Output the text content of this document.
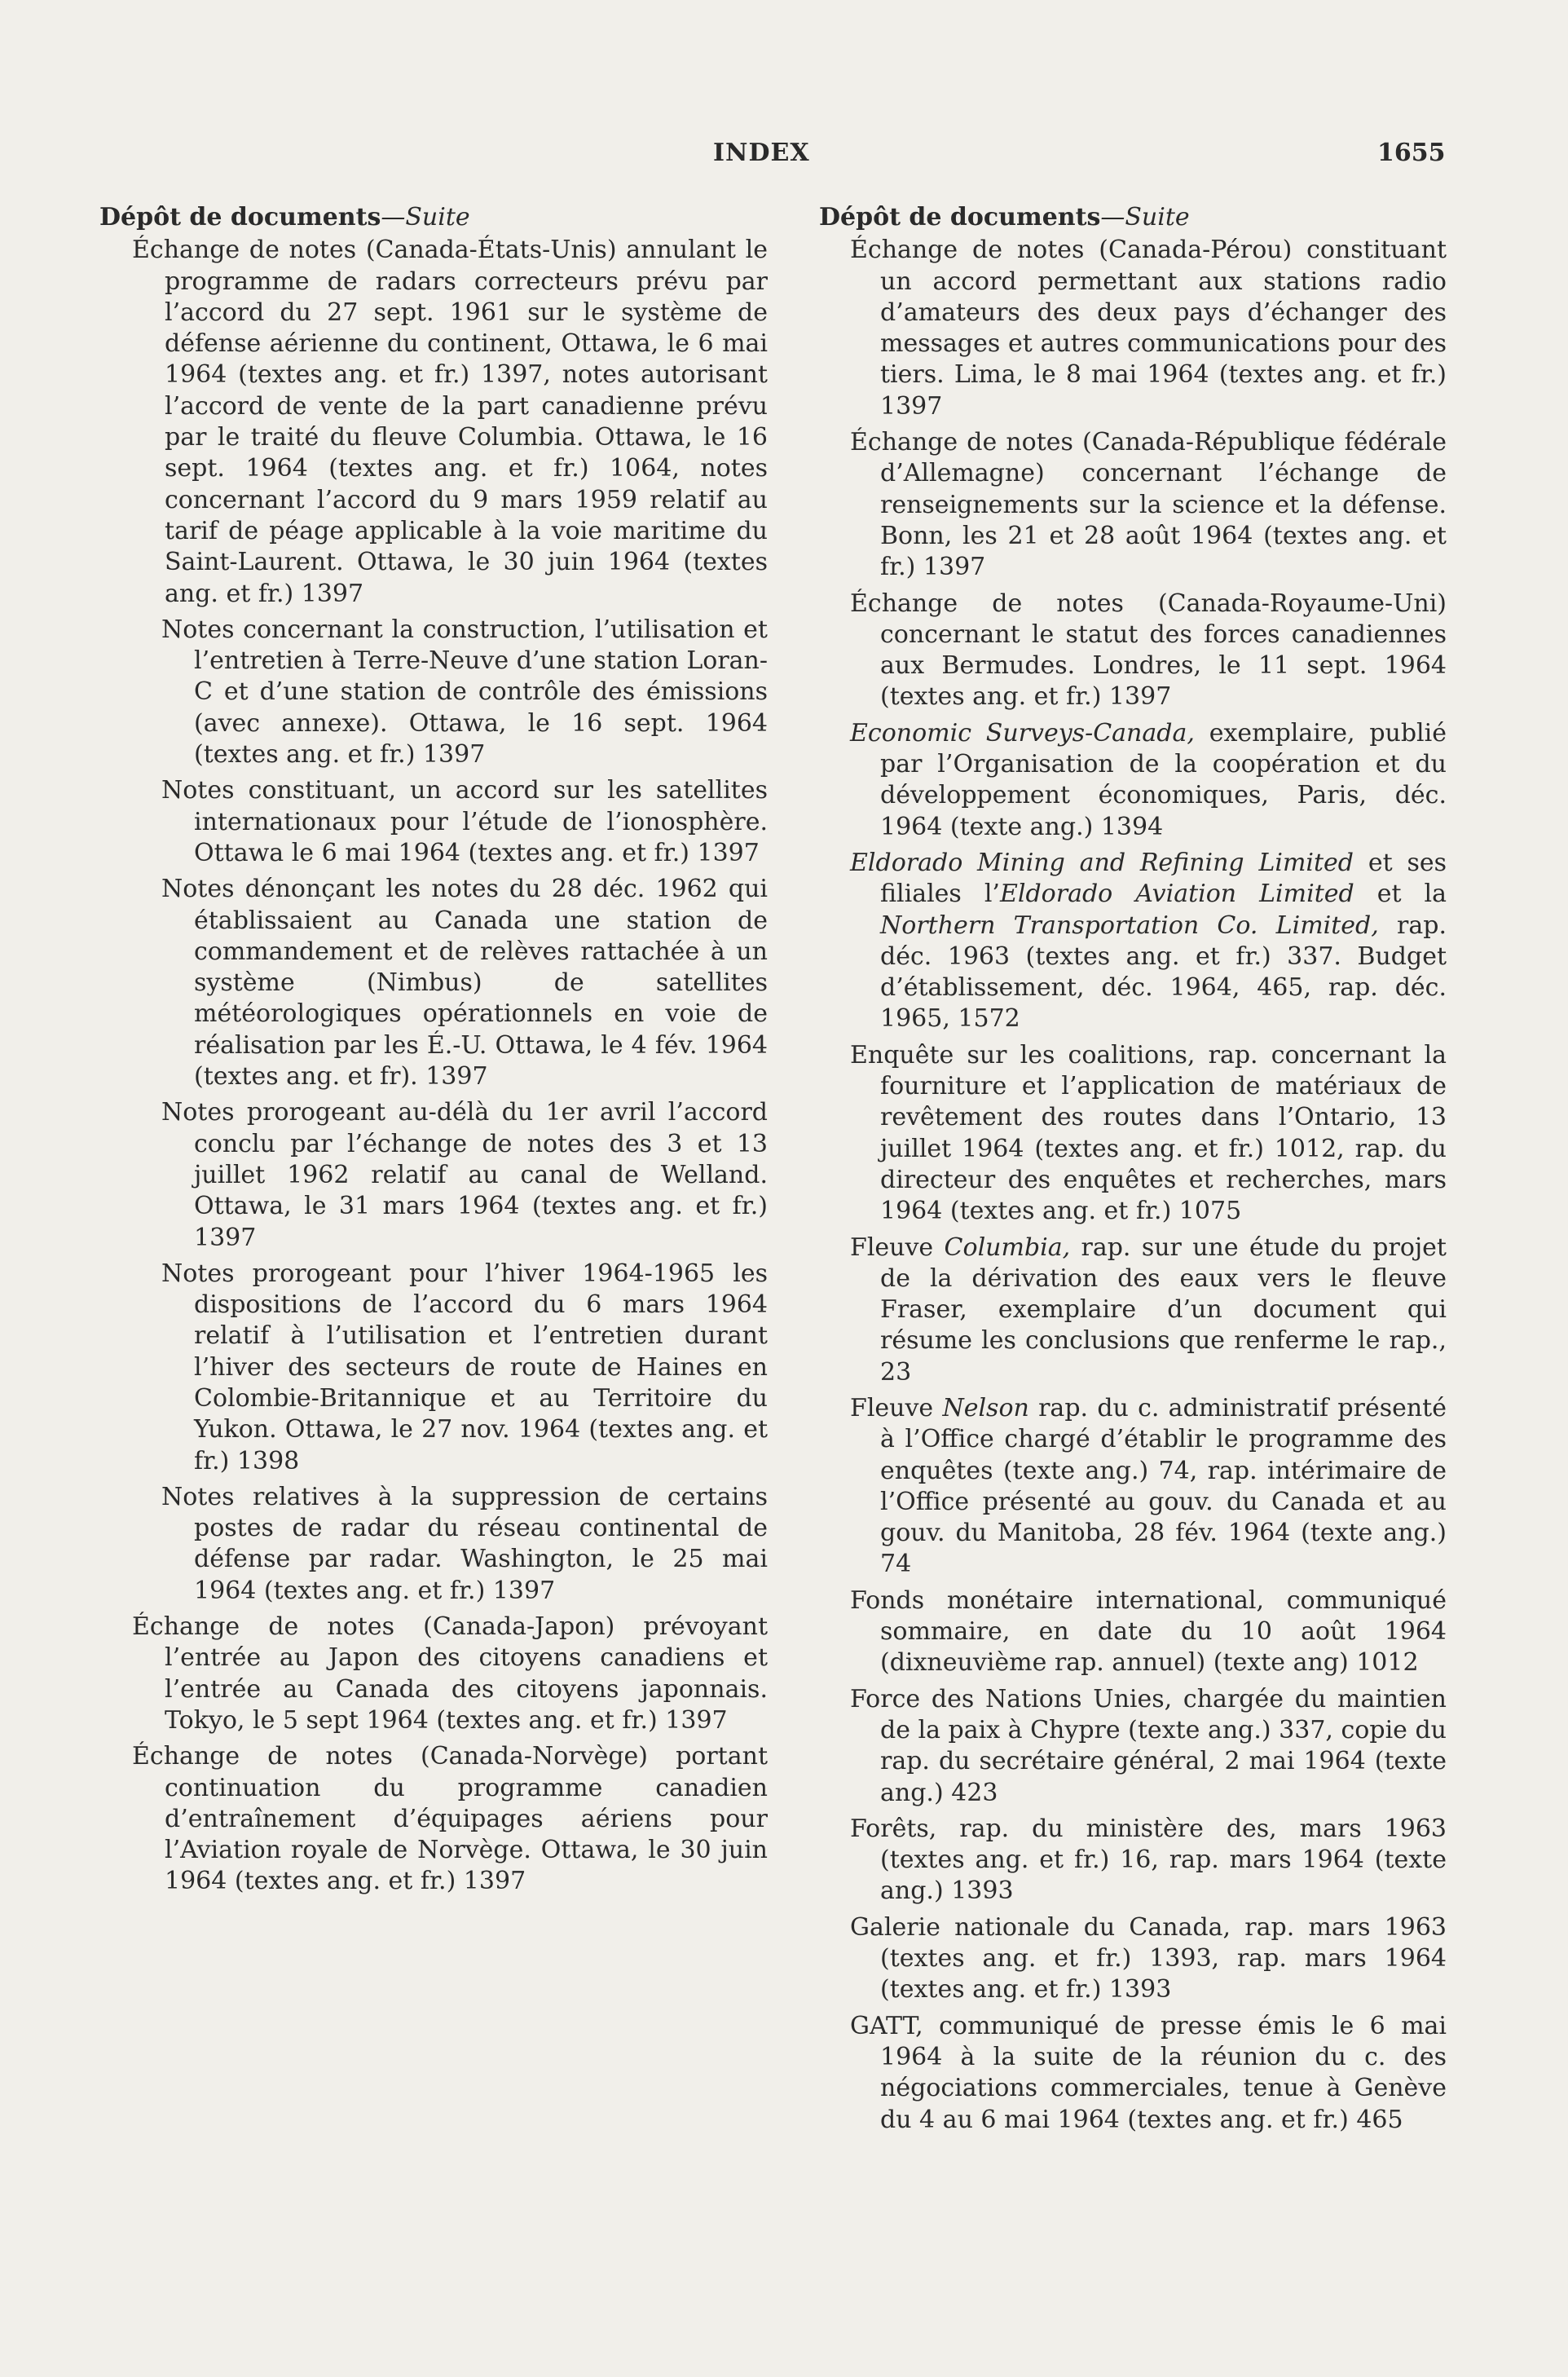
INDEX	1655
Dépôt de documents—Suite

Échange de notes (Canada-États-Unis) annulant le programme de radars correcteurs prévu par l’accord du 27 sept. 1961 sur le système de défense aérienne du continent, Ottawa, le 6 mai 1964 (textes ang. et fr.) 1397, notes autorisant l’accord de vente de la part canadienne prévu par le traité du fleuve Columbia. Ottawa, le 16 sept. 1964 (textes ang. et fr.) 1064, notes concernant l’accord du 9 mars 1959 relatif au tarif de péage applicable à la voie maritime du Saint-Laurent. Ottawa, le 30 juin 1964 (textes ang. et fr.) 1397

Notes concernant la construction, l’utilisation et l’entretien à Terre-Neuve d’une station Loran-C et d’une station de contrôle des émissions (avec annexe). Ottawa, le 16 sept. 1964 (textes ang. et fr.) 1397

Notes constituant, un accord sur les satellites internationaux pour l’étude de l’ionosphère. Ottawa le 6 mai 1964 (textes ang. et fr.) 1397

Notes dénonçant les notes du 28 déc. 1962 qui établissaient au Canada une station de commandement et de relèves rattachée à un système (Nimbus) de satellites météorologiques opérationnels en voie de réalisation par les É.-U. Ottawa, le 4 fév. 1964 (textes ang. et fr). 1397

Notes prorogeant au-délà du 1er avril l’accord conclu par l’échange de notes des 3 et 13 juillet 1962 relatif au canal de Welland. Ottawa, le 31 mars 1964 (textes ang. et fr.) 1397

Notes prorogeant pour l’hiver 1964-1965 les dispositions de l’accord du 6 mars 1964 relatif à l’utilisation et l’entretien durant l’hiver des secteurs de route de Haines en Colombie-Britannique et au Territoire du Yukon. Ottawa, le 27 nov. 1964 (textes ang. et fr.) 1398

Notes relatives à la suppression de certains postes de radar du réseau continental de défense par radar. Washington, le 25 mai 1964 (textes ang. et fr.) 1397

Échange de notes (Canada-Japon) prévoyant l’entrée au Japon des citoyens canadiens et l’entrée au Canada des citoyens japonnais. Tokyo, le 5 sept 1964 (textes ang. et fr.) 1397

Échange de notes (Canada-Norvège) portant continuation du programme canadien d’entraînement d’équipages aériens pour l’Aviation royale de Norvège. Ottawa, le 30 juin 1964 (textes ang. et fr.) 1397

Dépôt de documents—Suite

Échange de notes (Canada-Pérou) constituant un accord permettant aux stations radio d’amateurs des deux pays d’échanger des messages et autres communications pour des tiers. Lima, le 8 mai 1964 (textes ang. et fr.) 1397

Échange de notes (Canada-République fédérale d’Allemagne) concernant l’échange de renseignements sur la science et la défense. Bonn, les 21 et 28 août 1964 (textes ang. et fr.) 1397

Échange de notes (Canada-Royaume-Uni) concernant le statut des forces canadiennes aux Bermudes. Londres, le 11 sept. 1964 (textes ang. et fr.) 1397

Economic Surveys-Canada, exemplaire, publié par l’Organisation de la coopération et du développement économiques, Paris, déc. 1964 (texte ang.) 1394

Eldorado Mining and Refining Limited et ses filiales l’Eldorado Aviation Limited et la Northern Transportation Co. Limited, rap. déc. 1963 (textes ang. et fr.) 337. Budget d’établissement, déc. 1964, 465, rap. déc. 1965, 1572

Enquête sur les coalitions, rap. concernant la fourniture et l’application de matériaux de revêtement des routes dans l’Ontario, 13 juillet 1964 (textes ang. et fr.) 1012, rap. du directeur des enquêtes et recherches, mars 1964 (textes ang. et fr.) 1075

Fleuve Columbia, rap. sur une étude du projet de la dérivation des eaux vers le fleuve Fraser, exemplaire d’un document qui résume les conclusions que renferme le rap., 23

Fleuve Nelson rap. du c. administratif présenté à l’Office chargé d’établir le programme des enquêtes (texte ang.) 74, rap. intérimaire de l’Office présenté au gouv. du Canada et au gouv. du Manitoba, 28 fév. 1964 (texte ang.) 74

Fonds monétaire international, communiqué sommaire, en date du 10 août 1964 (dixneuvième rap. annuel) (texte ang) 1012

Force des Nations Unies, chargée du maintien de la paix à Chypre (texte ang.) 337, copie du rap. du secrétaire général, 2 mai 1964 (texte ang.) 423

Forêts, rap. du ministère des, mars 1963 (textes ang. et fr.) 16, rap. mars 1964 (texte ang.) 1393

Galerie nationale du Canada, rap. mars 1963 (textes ang. et fr.) 1393, rap. mars 1964 (textes ang. et fr.) 1393

GATT, communiqué de presse émis le 6 mai 1964 à la suite de la réunion du c. des négociations commerciales, tenue à Genève du 4 au 6 mai 1964 (textes ang. et fr.) 465
